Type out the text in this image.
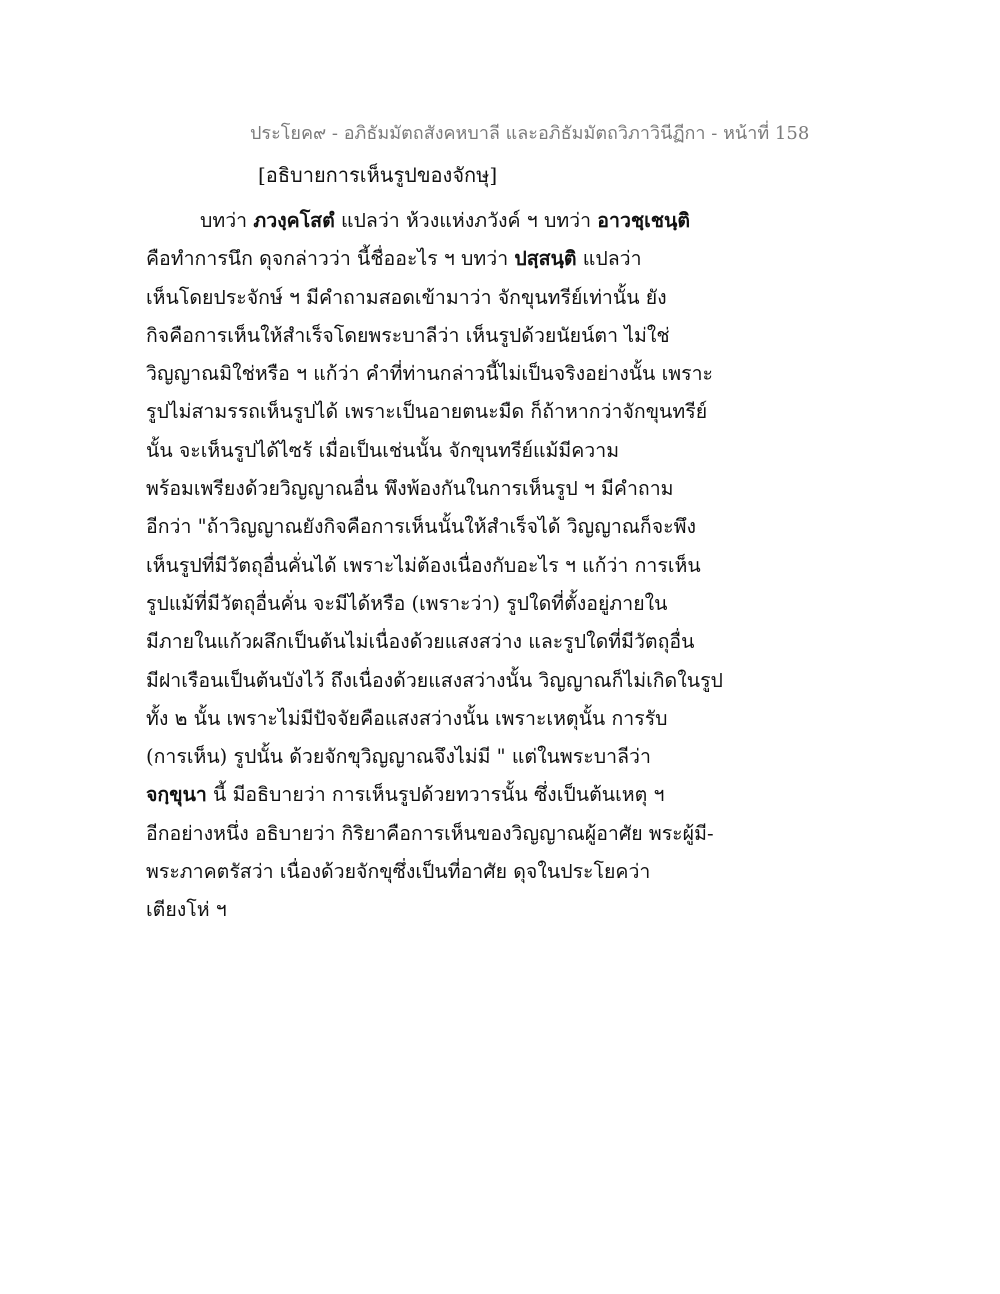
ประโยค๙ - อภิธัมมัตถสังคหบาลี และอภิธัมมัตถวิภาวินีฏีกา - หน้าที่ 158
[อธิบายการเห็นรูปของจักษุ]
บทว่า ภวงฺคโสตํ แปลว่า ห้วงแห่งภวังค์ ฯ บทว่า อาวชฺเชนฺติ
คือทำการนึก ดุจกล่าวว่า นี้ชื่ออะไร ฯ บทว่า ปสฺสนฺติ แปลว่า
เห็นโดยประจักษ์ ฯ มีคำถามสอดเข้ามาว่า จักขุนทรีย์เท่านั้น ยัง
กิจคือการเห็นให้สำเร็จโดยพระบาลีว่า เห็นรูปด้วยนัยน์ตา ไม่ใช่
วิญญาณมิใช่หรือ ฯ แก้ว่า คำที่ท่านกล่าวนี้ไม่เป็นจริงอย่างนั้น เพราะ
รูปไม่สามรรถเห็นรูปได้ เพราะเป็นอายตนะมืด ก็ถ้าหากว่าจักขุนทรีย์
นั้น จะเห็นรูปได้ไซร้ เมื่อเป็นเช่นนั้น จักขุนทรีย์แม้มีความ
พร้อมเพรียงด้วยวิญญาณอื่น พึงพ้องกันในการเห็นรูป ฯ มีคำถาม
อีกว่า "ถ้าวิญญาณยังกิจคือการเห็นนั้นให้สำเร็จได้ วิญญาณก็จะพึง
เห็นรูปที่มีวัตถุอื่นคั่นได้ เพราะไม่ต้องเนื่องกับอะไร ฯ แก้ว่า การเห็น
รูปแม้ที่มีวัตถุอื่นคั่น จะมีได้หรือ (เพราะว่า) รูปใดที่ตั้งอยู่ภายใน
มีภายในแก้วผลึกเป็นต้นไม่เนื่องด้วยแสงสว่าง และรูปใดที่มีวัตถุอื่น
มีฝาเรือนเป็นต้นบังไว้ ถึงเนื่องด้วยแสงสว่างนั้น วิญญาณก็ไม่เกิดในรูป
ทั้ง ๒ นั้น เพราะไม่มีปัจจัยคือแสงสว่างนั้น เพราะเหตุนั้น การรับ
(การเห็น) รูปนั้น ด้วยจักขุวิญญาณจึงไม่มี " แต่ในพระบาลีว่า
จกฺขุนา นี้ มีอธิบายว่า การเห็นรูปด้วยทวารนั้น ซึ่งเป็นต้นเหตุ ฯ
อีกอย่างหนึ่ง อธิบายว่า กิริยาคือการเห็นของวิญญาณผู้อาศัย พระผู้มี-
พระภาคตรัสว่า เนื่องด้วยจักขุซึ่งเป็นที่อาศัย ดุจในประโยคว่า
เตียงโห่ ฯ
